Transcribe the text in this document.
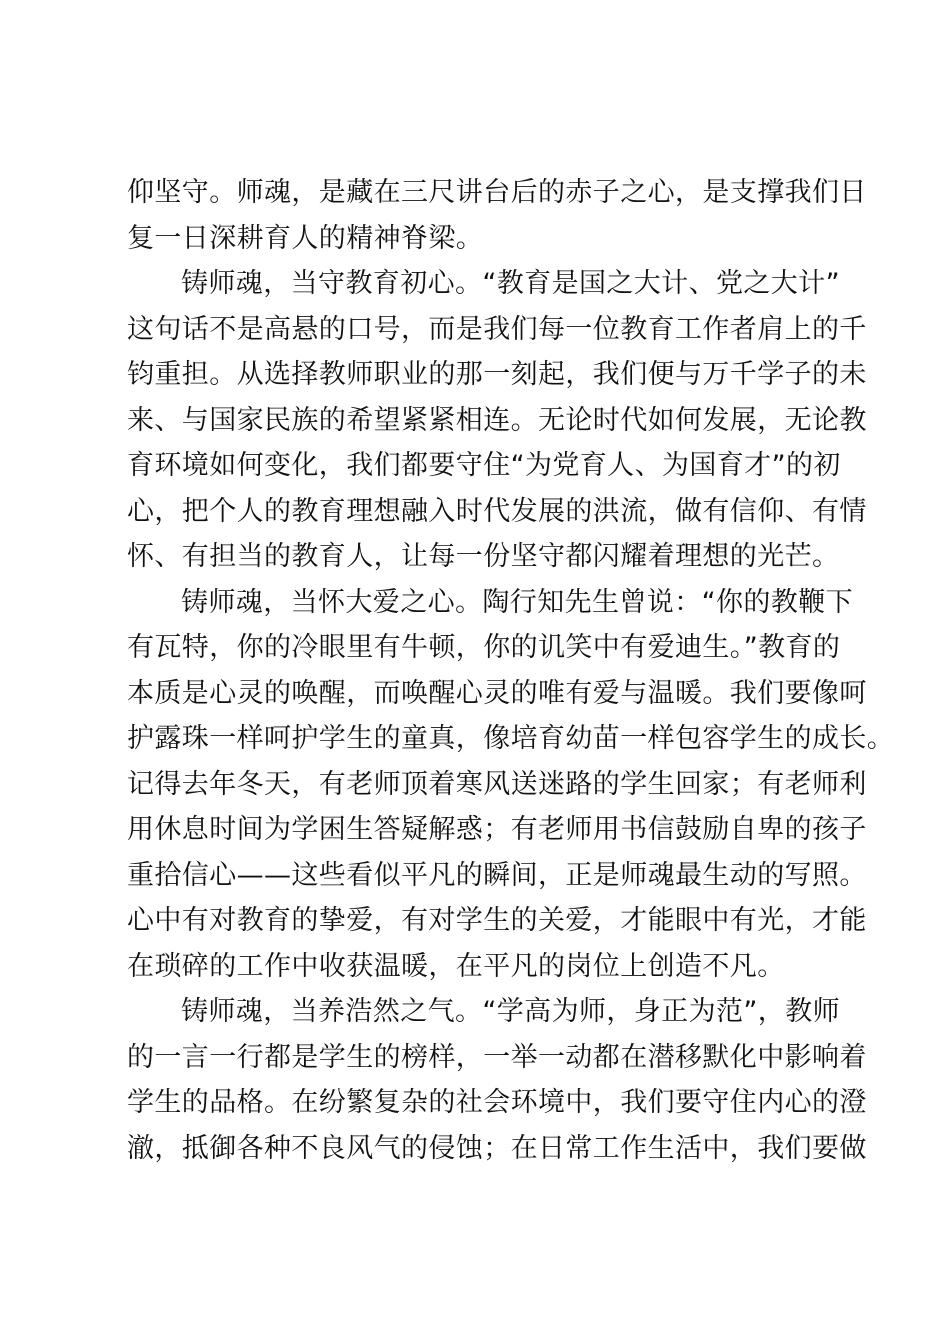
仰坚守。师魂，是藏在三尺讲台后的赤子之心，是支撑我们日
复一日深耕育人的精神脊梁。
铸师魂，当守教育初心。“教育是国之大计、党之大计”
这句话不是高悬的口号，而是我们每一位教育工作者肩上的千
钧重担。从选择教师职业的那一刻起，我们便与万千学子的未
来、与国家民族的希望紧紧相连。无论时代如何发展，无论教
育环境如何变化，我们都要守住“为党育人、为国育才”的初
心，把个人的教育理想融入时代发展的洪流，做有信仰、有情
怀、有担当的教育人，让每一份坚守都闪耀着理想的光芒。
铸师魂，当怀大爱之心。陶行知先生曾说：“你的教鞭下
有瓦特，你的冷眼里有牛顿，你的讥笑中有爱迪生。”教育的
本质是心灵的唤醒，而唤醒心灵的唯有爱与温暖。我们要像呵
护露珠一样呵护学生的童真，像培育幼苗一样包容学生的成长。
记得去年冬天，有老师顶着寒风送迷路的学生回家；有老师利
用休息时间为学困生答疑解惑；有老师用书信鼓励自卑的孩子
重拾信心——这些看似平凡的瞬间，正是师魂最生动的写照。
心中有对教育的挚爱，有对学生的关爱，才能眼中有光，才能
在琐碎的工作中收获温暖，在平凡的岗位上创造不凡。
铸师魂，当养浩然之气。“学高为师，身正为范”，教师
的一言一行都是学生的榜样，一举一动都在潜移默化中影响着
学生的品格。在纷繁复杂的社会环境中，我们要守住内心的澄
澈，抵御各种不良风气的侵蚀；在日常工作生活中，我们要做
